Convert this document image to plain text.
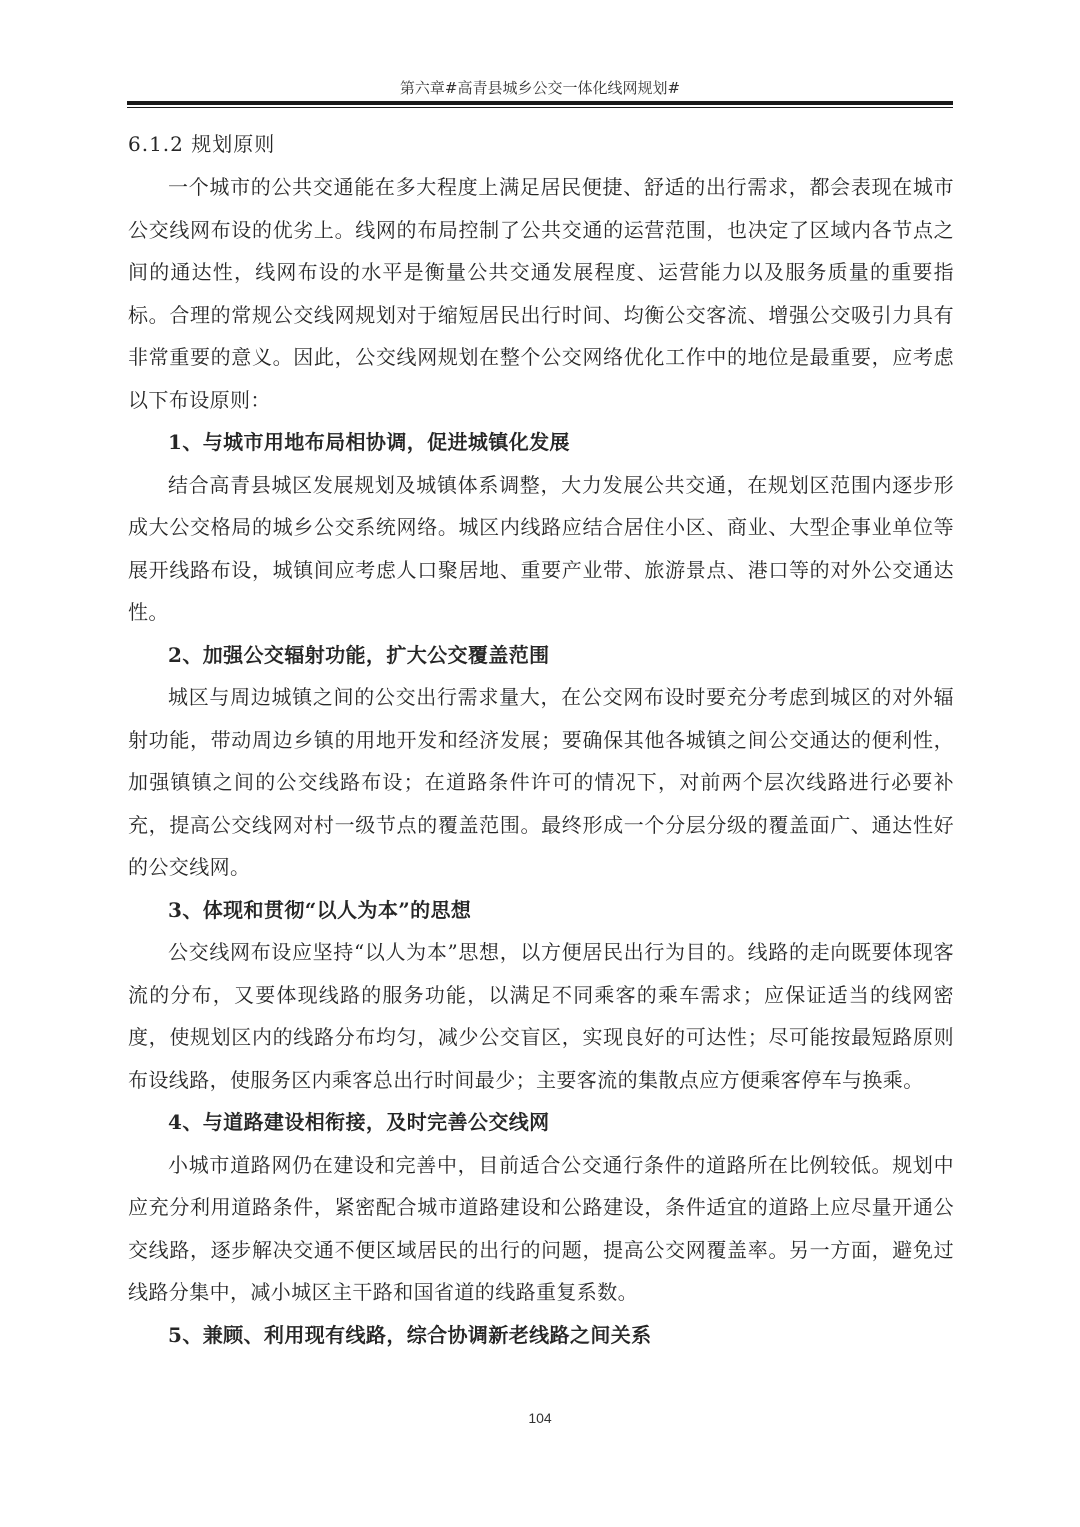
第六章#高青县城乡公交一体化线网规划#
6.1.2 规划原则

一个城市的公共交通能在多大程度上满足居民便捷、舒适的出行需求，都会表现在城市公交线网布设的优劣上。线网的布局控制了公共交通的运营范围，也决定了区域内各节点之间的通达性，线网布设的水平是衡量公共交通发展程度、运营能力以及服务质量的重要指标。合理的常规公交线网规划对于缩短居民出行时间、均衡公交客流、增强公交吸引力具有非常重要的意义。因此，公交线网规划在整个公交网络优化工作中的地位是最重要，应考虑以下布设原则：

1、与城市用地布局相协调，促进城镇化发展

结合高青县城区发展规划及城镇体系调整，大力发展公共交通，在规划区范围内逐步形成大公交格局的城乡公交系统网络。城区内线路应结合居住小区、商业、大型企事业单位等展开线路布设，城镇间应考虑人口聚居地、重要产业带、旅游景点、港口等的对外公交通达性。

2、加强公交辐射功能，扩大公交覆盖范围

城区与周边城镇之间的公交出行需求量大，在公交网布设时要充分考虑到城区的对外辐射功能，带动周边乡镇的用地开发和经济发展；要确保其他各城镇之间公交通达的便利性，加强镇镇之间的公交线路布设；在道路条件许可的情况下，对前两个层次线路进行必要补充，提高公交线网对村一级节点的覆盖范围。最终形成一个分层分级的覆盖面广、通达性好的公交线网。

3、体现和贯彻“以人为本”的思想

公交线网布设应坚持“以人为本”思想，以方便居民出行为目的。线路的走向既要体现客流的分布，又要体现线路的服务功能，以满足不同乘客的乘车需求；应保证适当的线网密度，使规划区内的线路分布均匀，减少公交盲区，实现良好的可达性；尽可能按最短路原则布设线路，使服务区内乘客总出行时间最少；主要客流的集散点应方便乘客停车与换乘。

4、与道路建设相衔接，及时完善公交线网

小城市道路网仍在建设和完善中，目前适合公交通行条件的道路所在比例较低。规划中应充分利用道路条件，紧密配合城市道路建设和公路建设，条件适宜的道路上应尽量开通公交线路，逐步解决交通不便区域居民的出行的问题，提高公交网覆盖率。另一方面，避免过线路分集中，减小城区主干路和国省道的线路重复系数。

5、兼顾、利用现有线路，综合协调新老线路之间关系

104
